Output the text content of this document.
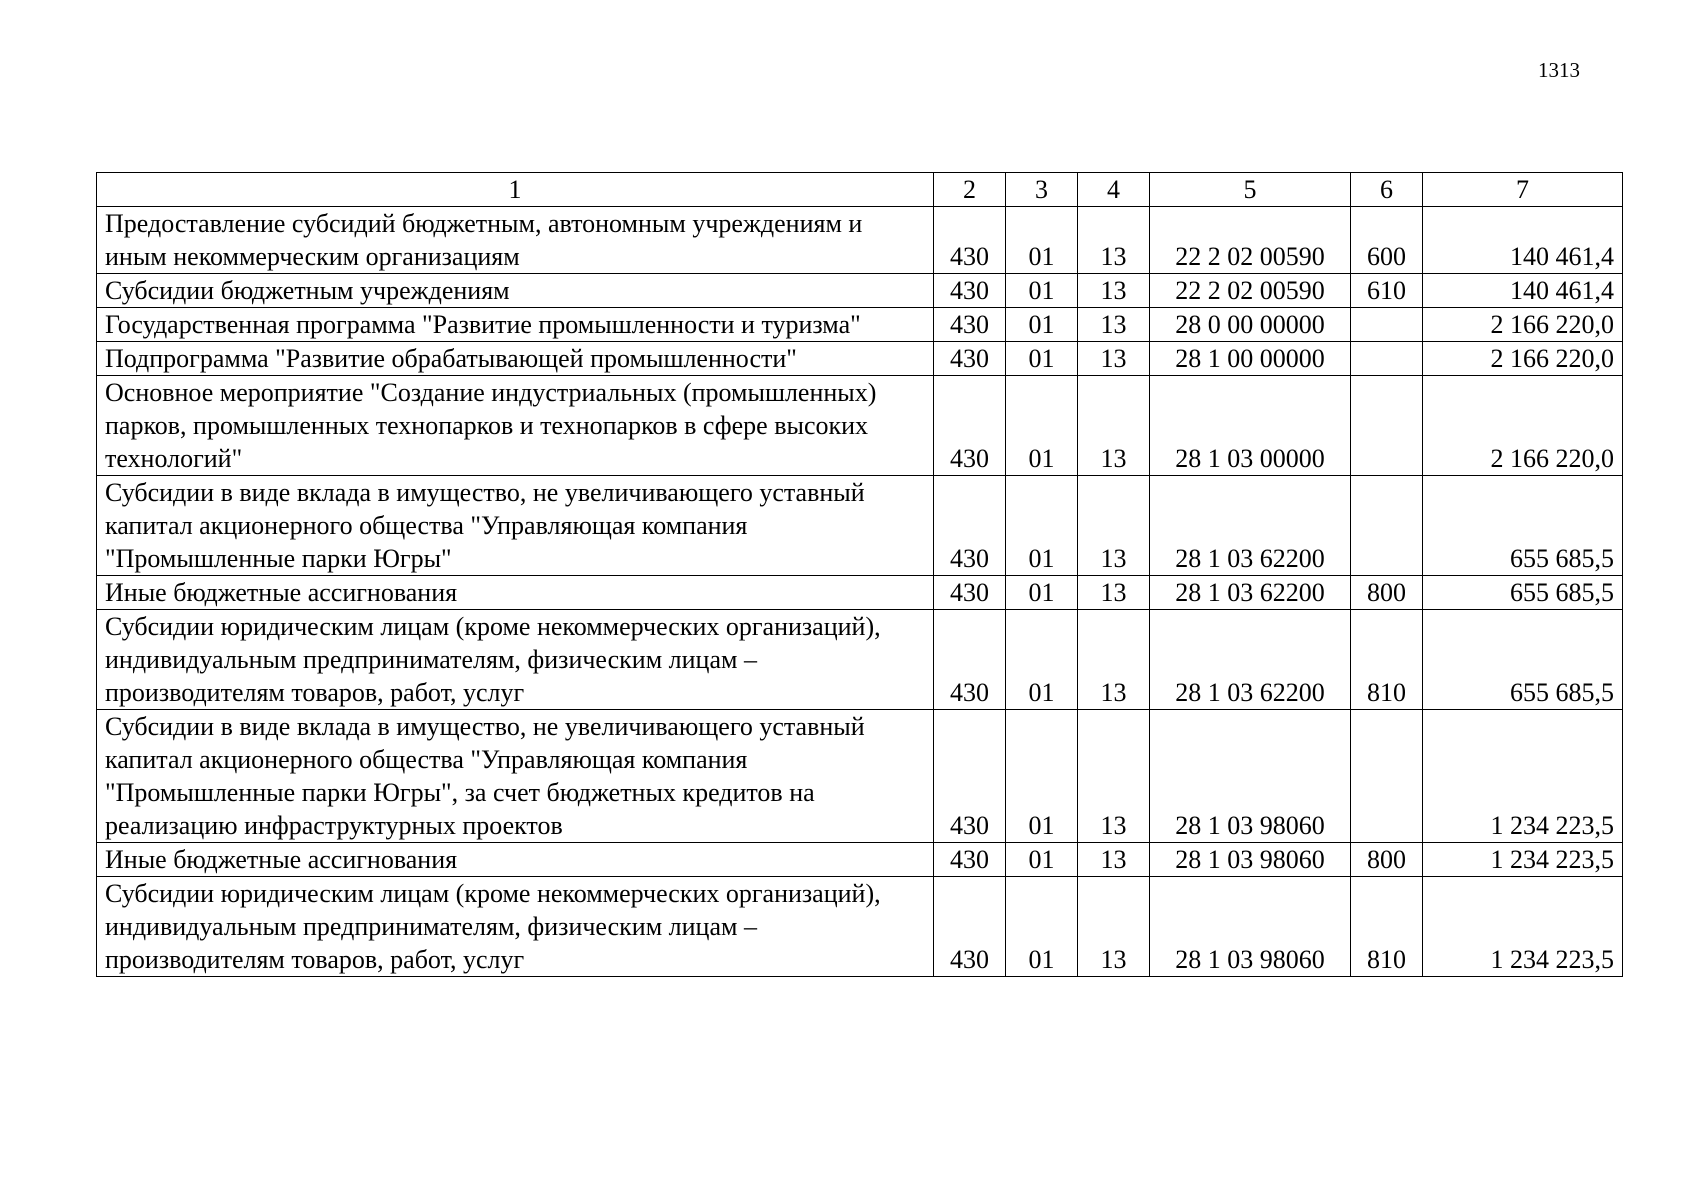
1313
1	2	3	4	5	6	7
Предоставление субсидий бюджетным, автономным учреждениям и иным некоммерческим организациям	430	01	13	22 2 02 00590	600	140 461,4
Субсидии бюджетным учреждениям	430	01	13	22 2 02 00590	610	140 461,4
Государственная программа "Развитие промышленности и туризма"	430	01	13	28 0 00 00000		2 166 220,0
Подпрограмма "Развитие обрабатывающей промышленности"	430	01	13	28 1 00 00000		2 166 220,0
Основное мероприятие "Создание индустриальных (промышленных) парков, промышленных технопарков и технопарков в сфере высоких технологий"	430	01	13	28 1 03 00000		2 166 220,0
Субсидии в виде вклада в имущество, не увеличивающего уставный капитал акционерного общества "Управляющая компания "Промышленные парки Югры"	430	01	13	28 1 03 62200		655 685,5
Иные бюджетные ассигнования	430	01	13	28 1 03 62200	800	655 685,5
Субсидии юридическим лицам (кроме некоммерческих организаций), индивидуальным предпринимателям, физическим лицам – производителям товаров, работ, услуг	430	01	13	28 1 03 62200	810	655 685,5
Субсидии в виде вклада в имущество, не увеличивающего уставный капитал акционерного общества "Управляющая компания "Промышленные парки Югры", за счет бюджетных кредитов на реализацию инфраструктурных проектов	430	01	13	28 1 03 98060		1 234 223,5
Иные бюджетные ассигнования	430	01	13	28 1 03 98060	800	1 234 223,5
Субсидии юридическим лицам (кроме некоммерческих организаций), индивидуальным предпринимателям, физическим лицам – производителям товаров, работ, услуг	430	01	13	28 1 03 98060	810	1 234 223,5
